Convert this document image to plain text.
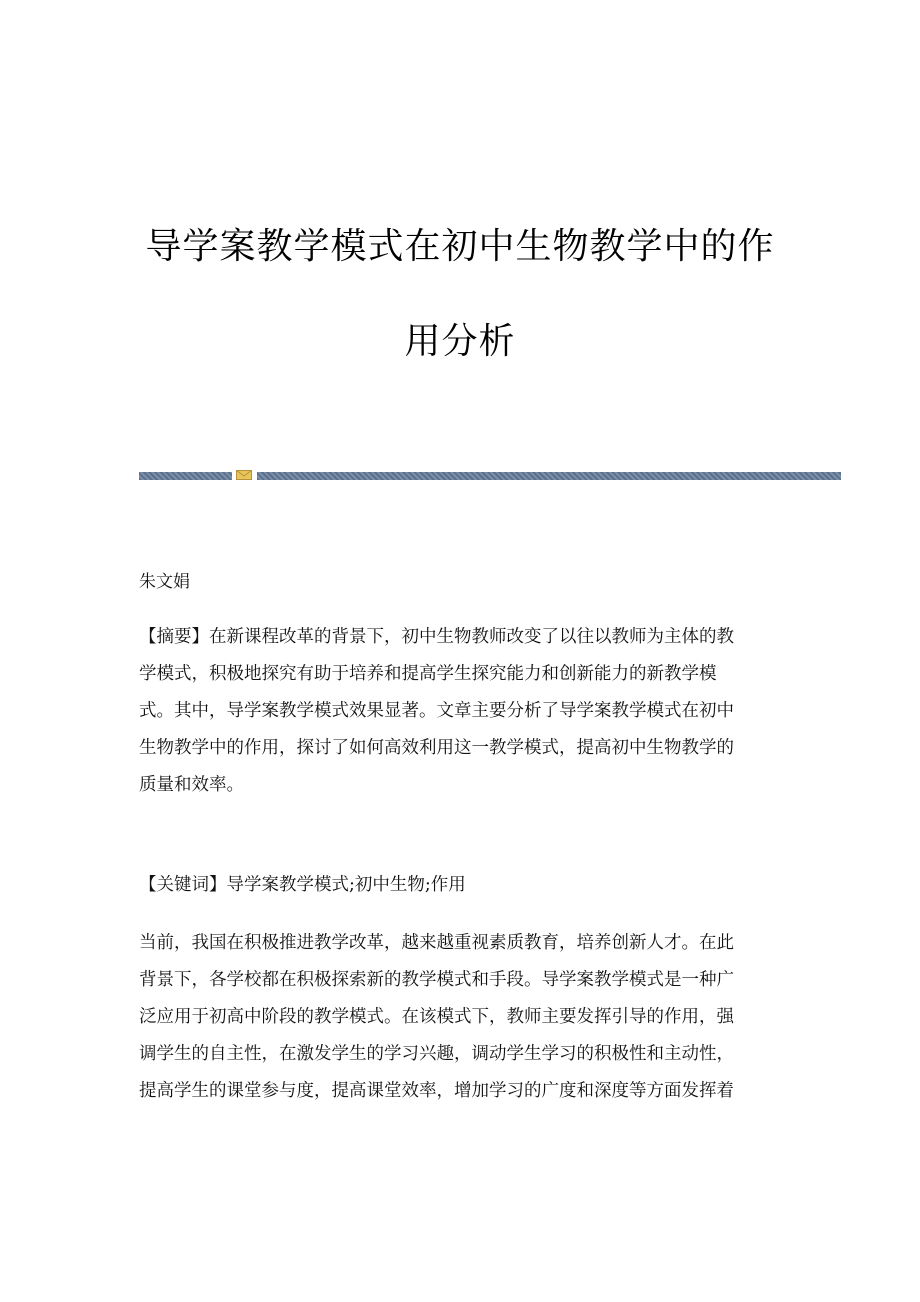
导学案教学模式在初中生物教学中的作
用分析
朱文娟
【摘要】在新课程改革的背景下，初中生物教师改变了以往以教师为主体的教
学模式，积极地探究有助于培养和提高学生探究能力和创新能力的新教学模
式。其中，导学案教学模式效果显著。文章主要分析了导学案教学模式在初中
生物教学中的作用，探讨了如何高效利用这一教学模式，提高初中生物教学的
质量和效率。
【关键词】导学案教学模式;初中生物;作用
当前，我国在积极推进教学改革，越来越重视素质教育，培养创新人才。在此
背景下，各学校都在积极探索新的教学模式和手段。导学案教学模式是一种广
泛应用于初高中阶段的教学模式。在该模式下，教师主要发挥引导的作用，强
调学生的自主性，在激发学生的学习兴趣，调动学生学习的积极性和主动性，
提高学生的课堂参与度，提高课堂效率，增加学习的广度和深度等方面发挥着
